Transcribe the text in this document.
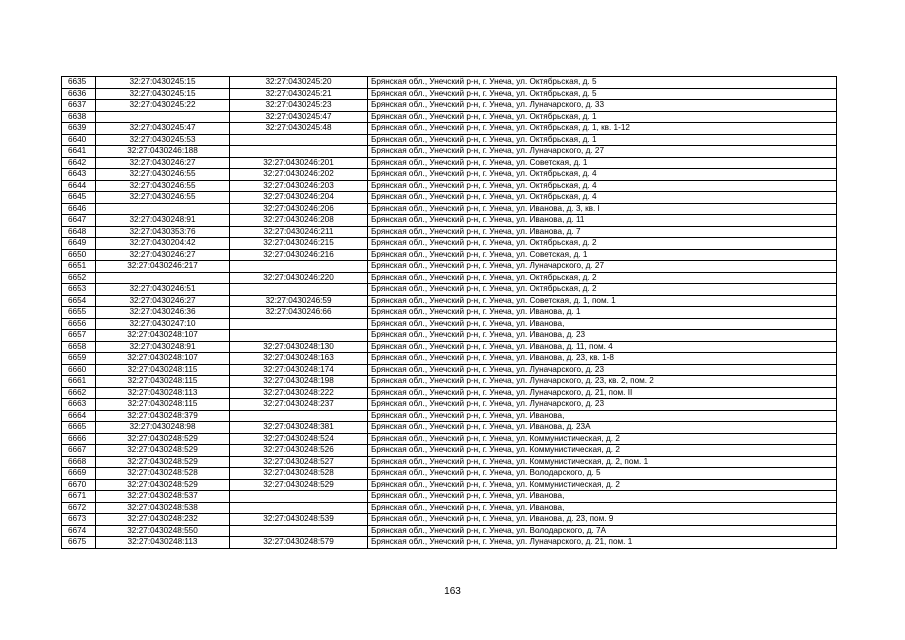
6635	32:27:0430245:15	32:27:0430245:20	Брянская обл., Унечский р-н, г. Унеча, ул. Октябрьская, д. 5
6636	32:27:0430245:15	32:27:0430245:21	Брянская обл., Унечский р-н, г. Унеча, ул. Октябрьская, д. 5
6637	32:27:0430245:22	32:27:0430245:23	Брянская обл., Унечский р-н, г. Унеча, ул. Луначарского, д. 33
6638		32:27:0430245:47	Брянская обл., Унечский р-н, г. Унеча, ул. Октябрьская, д. 1
6639	32:27:0430245:47	32:27:0430245:48	Брянская обл., Унечский р-н, г. Унеча, ул. Октябрьская, д. 1, кв. 1-12
6640	32:27:0430245:53		Брянская обл., Унечский р-н, г. Унеча, ул. Октябрьская, д. 1
6641	32:27:0430246:188		Брянская обл., Унечский р-н, г. Унеча, ул. Луначарского, д. 27
6642	32:27:0430246:27	32:27:0430246:201	Брянская обл., Унечский р-н, г. Унеча, ул. Советская, д. 1
6643	32:27:0430246:55	32:27:0430246:202	Брянская обл., Унечский р-н, г. Унеча, ул. Октябрьская, д. 4
6644	32:27:0430246:55	32:27:0430246:203	Брянская обл., Унечский р-н, г. Унеча, ул. Октябрьская, д. 4
6645	32:27:0430246:55	32:27:0430246:204	Брянская обл., Унечский р-н, г. Унеча, ул. Октябрьская, д. 4
6646		32:27:0430246:206	Брянская обл., Унечский р-н, г. Унеча, ул. Иванова, д. 3, кв. I
6647	32:27:0430248:91	32:27:0430246:208	Брянская обл., Унечский р-н, г. Унеча, ул. Иванова, д. 11
6648	32:27:0430353:76	32:27:0430246:211	Брянская обл., Унечский р-н, г. Унеча, ул. Иванова, д. 7
6649	32:27:0430204:42	32:27:0430246:215	Брянская обл., Унечский р-н, г. Унеча, ул. Октябрьская, д. 2
6650	32:27:0430246:27	32:27:0430246:216	Брянская обл., Унечский р-н, г. Унеча, ул. Советская, д. 1
6651	32:27:0430246:217		Брянская обл., Унечский р-н, г. Унеча, ул. Луначарского, д. 27
6652		32:27:0430246:220	Брянская обл., Унечский р-н, г. Унеча, ул. Октябрьская, д. 2
6653	32:27:0430246:51		Брянская обл., Унечский р-н, г. Унеча, ул. Октябрьская, д. 2
6654	32:27:0430246:27	32:27:0430246:59	Брянская обл., Унечский р-н, г. Унеча, ул. Советская, д. 1, пом. 1
6655	32:27:0430246:36	32:27:0430246:66	Брянская обл., Унечский р-н, г. Унеча, ул. Иванова, д. 1
6656	32:27:0430247:10		Брянская обл., Унечский р-н, г. Унеча, ул. Иванова,
6657	32:27:0430248:107		Брянская обл., Унечский р-н, г. Унеча, ул. Иванова, д. 23
6658	32:27:0430248:91	32:27:0430248:130	Брянская обл., Унечский р-н, г. Унеча, ул. Иванова, д. 11, пом. 4
6659	32:27:0430248:107	32:27:0430248:163	Брянская обл., Унечский р-н, г. Унеча, ул. Иванова, д. 23, кв. 1-8
6660	32:27:0430248:115	32:27:0430248:174	Брянская обл., Унечский р-н, г. Унеча, ул. Луначарского, д. 23
6661	32:27:0430248:115	32:27:0430248:198	Брянская обл., Унечский р-н, г. Унеча, ул. Луначарского, д. 23, кв. 2, пом. 2
6662	32:27:0430248:113	32:27:0430248:222	Брянская обл., Унечский р-н, г. Унеча, ул. Луначарского, д. 21, пом. II
6663	32:27:0430248:115	32:27:0430248:237	Брянская обл., Унечский р-н, г. Унеча, ул. Луначарского, д. 23
6664	32:27:0430248:379		Брянская обл., Унечский р-н, г. Унеча, ул. Иванова,
6665	32:27:0430248:98	32:27:0430248:381	Брянская обл., Унечский р-н, г. Унеча, ул. Иванова, д. 23А
6666	32:27:0430248:529	32:27:0430248:524	Брянская обл., Унечский р-н, г. Унеча, ул. Коммунистическая, д. 2
6667	32:27:0430248:529	32:27:0430248:526	Брянская обл., Унечский р-н, г. Унеча, ул. Коммунистическая, д. 2
6668	32:27:0430248:529	32:27:0430248:527	Брянская обл., Унечский р-н, г. Унеча, ул. Коммунистическая, д. 2, пом. 1
6669	32:27:0430248:528	32:27:0430248:528	Брянская обл., Унечский р-н, г. Унеча, ул. Володарского, д. 5
6670	32:27:0430248:529	32:27:0430248:529	Брянская обл., Унечский р-н, г. Унеча, ул. Коммунистическая, д. 2
6671	32:27:0430248:537		Брянская обл., Унечский р-н, г. Унеча, ул. Иванова,
6672	32:27:0430248:538		Брянская обл., Унечский р-н, г. Унеча, ул. Иванова,
6673	32:27:0430248:232	32:27:0430248:539	Брянская обл., Унечский р-н, г. Унеча, ул. Иванова, д. 23, пом. 9
6674	32:27:0430248:550		Брянская обл., Унечский р-н, г. Унеча, ул. Володарского, д. 7А
6675	32:27:0430248:113	32:27:0430248:579	Брянская обл., Унечский р-н, г. Унеча, ул. Луначарского, д. 21, пом. 1
163
